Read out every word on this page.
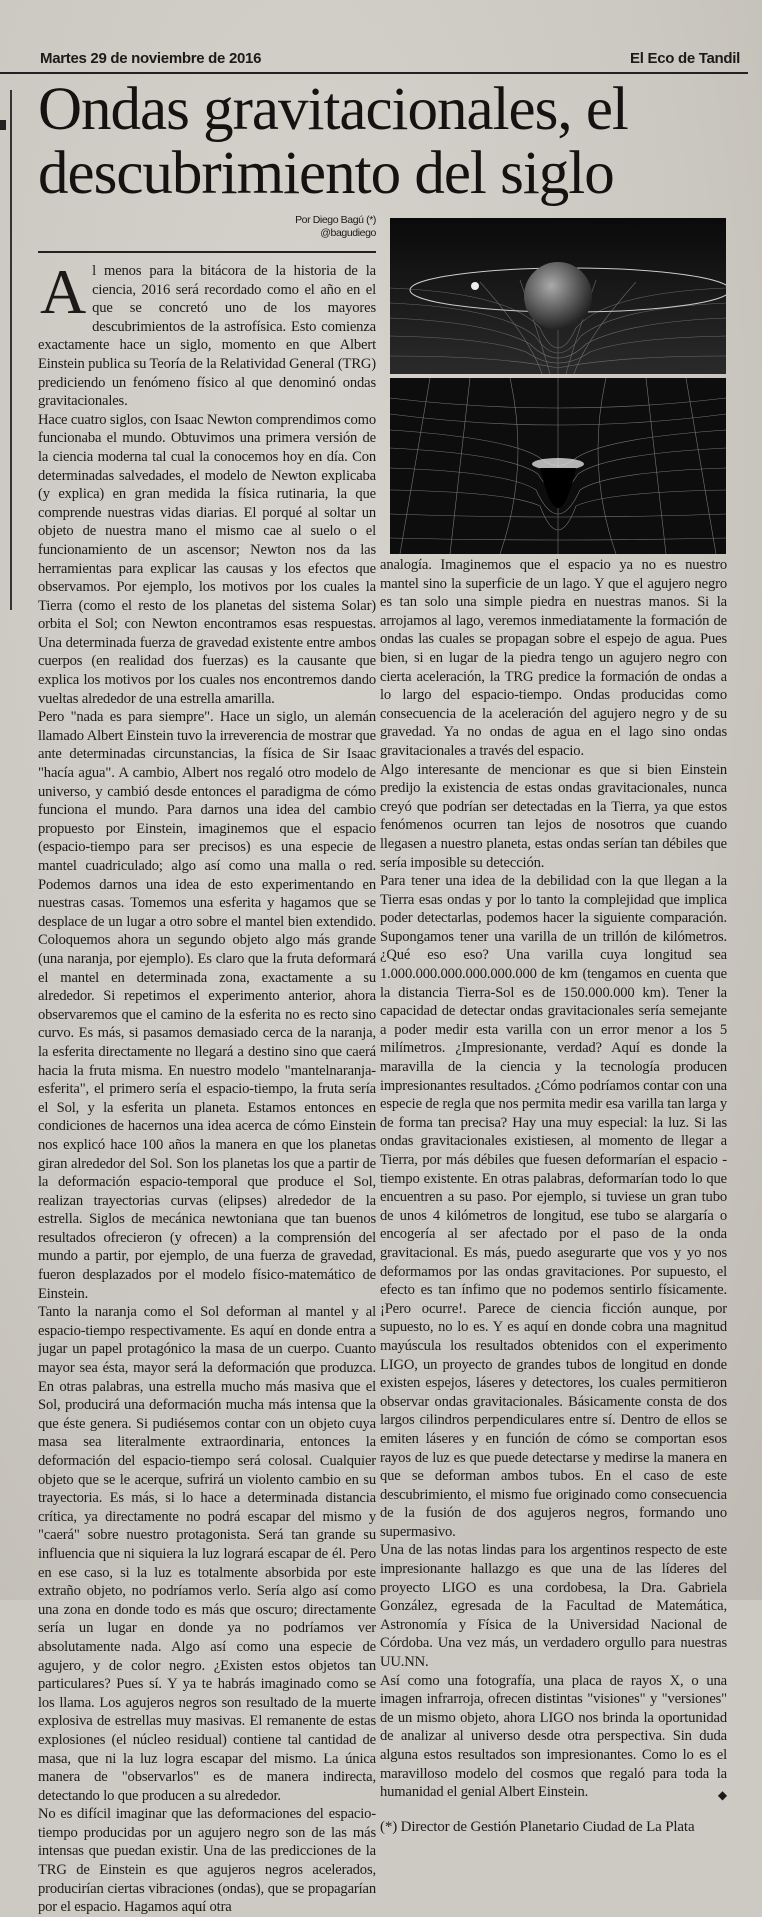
Martes 29 de noviembre de 2016	El Eco de Tandil
Ondas gravitacionales, el descubrimiento del siglo
Por Diego Bagú (*)
@bagudiego

Al menos para la bitácora de la historia de la ciencia, 2016 será recordado como el año en el que se concretó uno de los mayores descubrimientos de la astrofísica. Esto comienza exactamente hace un siglo, momento en que Albert Einstein publica su Teoría de la Relatividad General (TRG) prediciendo un fenómeno físico al que denominó ondas gravitacionales.

Hace cuatro siglos, con Isaac Newton comprendimos como funcionaba el mundo. Obtuvimos una primera versión de la ciencia moderna tal cual la conocemos hoy en día. Con determinadas salvedades, el modelo de Newton explicaba (y explica) en gran medida la física rutinaria, la que comprende nuestras vidas diarias. El porqué al soltar un objeto de nuestra mano el mismo cae al suelo o el funcionamiento de un ascensor; Newton nos da las herramientas para explicar las causas y los efectos que observamos. Por ejemplo, los motivos por los cuales la Tierra (como el resto de los planetas del sistema Solar) orbita el Sol; con Newton encontramos esas respuestas. Una determinada fuerza de gravedad existente entre ambos cuerpos (en realidad dos fuerzas) es la causante que explica los motivos por los cuales nos encontremos dando vueltas alrededor de una estrella amarilla.

Pero "nada es para siempre". Hace un siglo, un alemán llamado Albert Einstein tuvo la irreverencia de mostrar que ante determinadas circunstancias, la física de Sir Isaac "hacía agua". A cambio, Albert nos regaló otro modelo de universo, y cambió desde entonces el paradigma de cómo funciona el mundo. Para darnos una idea del cambio propuesto por Einstein, imaginemos que el espacio (espacio-tiempo para ser precisos) es una especie de mantel cuadriculado; algo así como una malla o red. Podemos darnos una idea de esto experimentando en nuestras casas. Tomemos una esferita y hagamos que se desplace de un lugar a otro sobre el mantel bien extendido. Coloquemos ahora un segundo objeto algo más grande (una naranja, por ejemplo). Es claro que la fruta deformará el mantel en determinada zona, exactamente a su alrededor. Si repetimos el experimento anterior, ahora observaremos que el camino de la esferita no es recto sino curvo. Es más, si pasamos demasiado cerca de la naranja, la esferita directamente no llegará a destino sino que caerá hacia la fruta misma. En nuestro modelo "mantelnaranja-esferita", el primero sería el espacio-tiempo, la fruta sería el Sol, y la esferita un planeta. Estamos entonces en condiciones de hacernos una idea acerca de cómo Einstein nos explicó hace 100 años la manera en que los planetas giran alrededor del Sol. Son los planetas los que a partir de la deformación espacio-temporal que produce el Sol, realizan trayectorias curvas (elipses) alrededor de la estrella. Siglos de mecánica newtoniana que tan buenos resultados ofrecieron (y ofrecen) a la comprensión del mundo a partir, por ejemplo, de una fuerza de gravedad, fueron desplazados por el modelo físico-matemático de Einstein.

Tanto la naranja como el Sol deforman al mantel y al espacio-tiempo respectivamente. Es aquí en donde entra a jugar un papel protagónico la masa de un cuerpo. Cuanto mayor sea ésta, mayor será la deformación que produzca. En otras palabras, una estrella mucho más masiva que el Sol, producirá una deformación mucha más intensa que la que éste genera. Si pudiésemos contar con un objeto cuya masa sea literalmente extraordinaria, entonces la deformación del espacio-tiempo será colosal. Cualquier objeto que se le acerque, sufrirá un violento cambio en su trayectoria. Es más, si lo hace a determinada distancia crítica, ya directamente no podrá escapar del mismo y "caerá" sobre nuestro protagonista. Será tan grande su influencia que ni siquiera la luz logrará escapar de él. Pero en ese caso, si la luz es totalmente absorbida por este extraño objeto, no podríamos verlo. Sería algo así como una zona en donde todo es más que oscuro; directamente sería un lugar en donde ya no podríamos ver absolutamente nada. Algo así como una especie de agujero, y de color negro. ¿Existen estos objetos tan particulares? Pues sí. Y ya te habrás imaginado como se los llama. Los agujeros negros son resultado de la muerte explosiva de estrellas muy masivas. El remanente de estas explosiones (el núcleo residual) contiene tal cantidad de masa, que ni la luz logra escapar del mismo. La única manera de "observarlos" es de manera indirecta, detectando lo que producen a su alrededor.

No es difícil imaginar que las deformaciones del espacio-tiempo producidas por un agujero negro son de las más intensas que puedan existir. Una de las predicciones de la TRG de Einstein es que agujeros negros acelerados, producirían ciertas vibraciones (ondas), que se propagarían por el espacio. Hagamos aquí otra

analogía. Imaginemos que el espacio ya no es nuestro mantel sino la superficie de un lago. Y que el agujero negro es tan solo una simple piedra en nuestras manos. Si la arrojamos al lago, veremos inmediatamente la formación de ondas las cuales se propagan sobre el espejo de agua. Pues bien, si en lugar de la piedra tengo un agujero negro con cierta aceleración, la TRG predice la formación de ondas a lo largo del espacio-tiempo. Ondas producidas como consecuencia de la aceleración del agujero negro y de su gravedad. Ya no ondas de agua en el lago sino ondas gravitacionales a través del espacio.

Algo interesante de mencionar es que si bien Einstein predijo la existencia de estas ondas gravitacionales, nunca creyó que podrían ser detectadas en la Tierra, ya que estos fenómenos ocurren tan lejos de nosotros que cuando llegasen a nuestro planeta, estas ondas serían tan débiles que sería imposible su detección.

Para tener una idea de la debilidad con la que llegan a la Tierra esas ondas y por lo tanto la complejidad que implica poder detectarlas, podemos hacer la siguiente comparación. Supongamos tener una varilla de un trillón de kilómetros. ¿Qué eso eso? Una varilla cuya longitud sea 1.000.000.000.000.000.000 de km (tengamos en cuenta que la distancia Tierra-Sol es de 150.000.000 km). Tener la capacidad de detectar ondas gravitacionales sería semejante a poder medir esta varilla con un error menor a los 5 milímetros. ¿Impresionante, verdad? Aquí es donde la maravilla de la ciencia y la tecnología producen impresionantes resultados. ¿Cómo podríamos contar con una especie de regla que nos permita medir esa varilla tan larga y de forma tan precisa? Hay una muy especial: la luz. Si las ondas gravitacionales existiesen, al momento de llegar a Tierra, por más débiles que fuesen deformarían el espacio -tiempo existente. En otras palabras, deformarían todo lo que encuentren a su paso. Por ejemplo, si tuviese un gran tubo de unos 4 kilómetros de longitud, ese tubo se alargaría o encogería al ser afectado por el paso de la onda gravitacional. Es más, puedo asegurarte que vos y yo nos deformamos por las ondas gravitaciones. Por supuesto, el efecto es tan ínfimo que no podemos sentirlo físicamente. ¡Pero ocurre!. Parece de ciencia ficción aunque, por supuesto, no lo es. Y es aquí en donde cobra una magnitud mayúscula los resultados obtenidos con el experimento LIGO, un proyecto de grandes tubos de longitud en donde existen espejos, láseres y detectores, los cuales permitieron observar ondas gravitacionales. Básicamente consta de dos largos cilindros perpendiculares entre sí. Dentro de ellos se emiten láseres y en función de cómo se comportan esos rayos de luz es que puede detectarse y medirse la manera en que se deforman ambos tubos. En el caso de este descubrimiento, el mismo fue originado como consecuencia de la fusión de dos agujeros negros, formando uno supermasivo.

Una de las notas lindas para los argentinos respecto de este impresionante hallazgo es que una de las líderes del proyecto LIGO es una cordobesa, la Dra. Gabriela González, egresada de la Facultad de Matemática, Astronomía y Física de la Universidad Nacional de Córdoba. Una vez más, un verdadero orgullo para nuestras UU.NN.

Así como una fotografía, una placa de rayos X, o una imagen infrarroja, ofrecen distintas "visiones" y "versiones" de un mismo objeto, ahora LIGO nos brinda la oportunidad de analizar al universo desde otra perspectiva. Sin duda alguna estos resultados son impresionantes. Como lo es el maravilloso modelo del cosmos que regaló para toda la humanidad el genial Albert Einstein.	◆

(*) Director de Gestión Planetario Ciudad de La Plata
